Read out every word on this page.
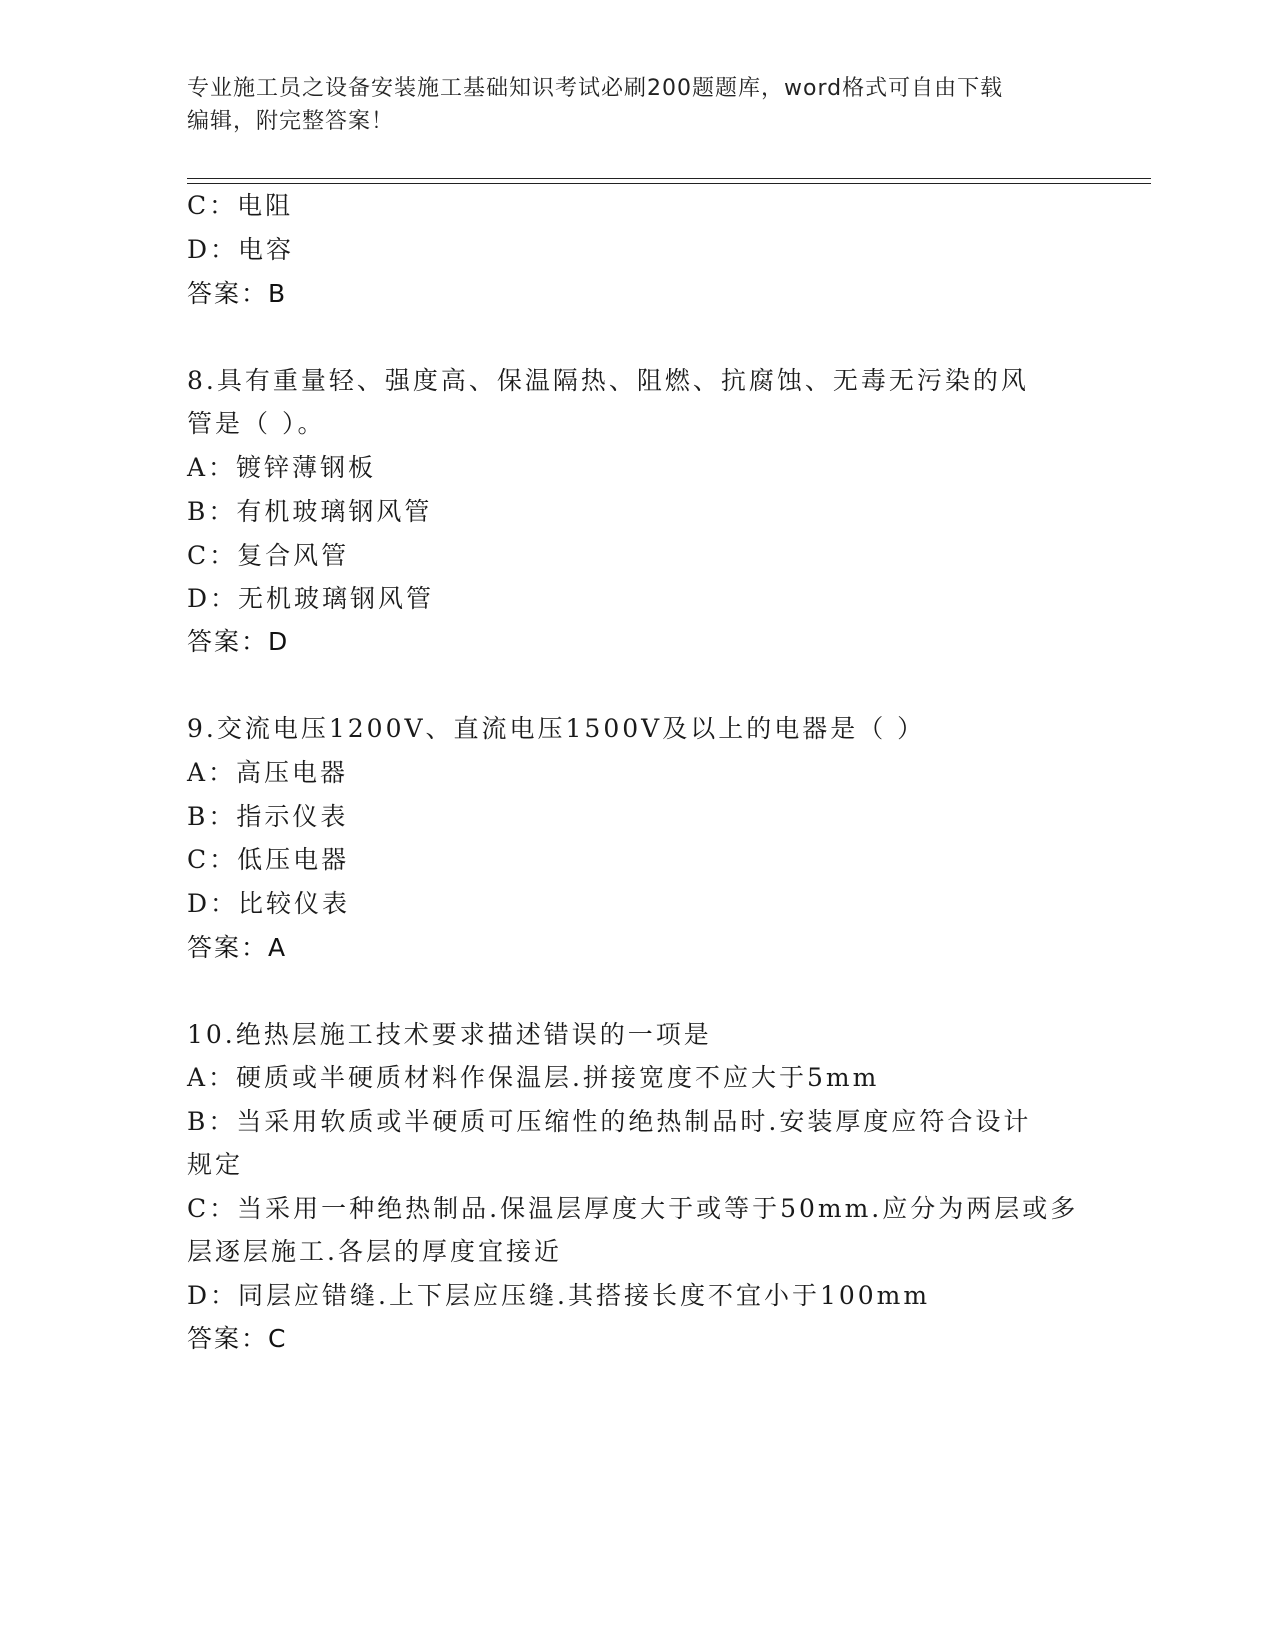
专业施工员之设备安装施工基础知识考试必刷200题题库，word格式可自由下载
编辑，附完整答案！
C：电阻
D：电容
答案：B
8.具有重量轻、强度高、保温隔热、阻燃、抗腐蚀、无毒无污染的风
管是（ ）。
A：镀锌薄钢板
B：有机玻璃钢风管
C：复合风管
D：无机玻璃钢风管
答案：D
9.交流电压1200V、直流电压1500V及以上的电器是（ ）
A：高压电器
B：指示仪表
C：低压电器
D：比较仪表
答案：A
10.绝热层施工技术要求描述错误的一项是
A：硬质或半硬质材料作保温层.拼接宽度不应大于5mm
B：当采用软质或半硬质可压缩性的绝热制品时.安装厚度应符合设计
规定
C：当采用一种绝热制品.保温层厚度大于或等于50mm.应分为两层或多
层逐层施工.各层的厚度宜接近
D：同层应错缝.上下层应压缝.其搭接长度不宜小于100mm
答案：C
